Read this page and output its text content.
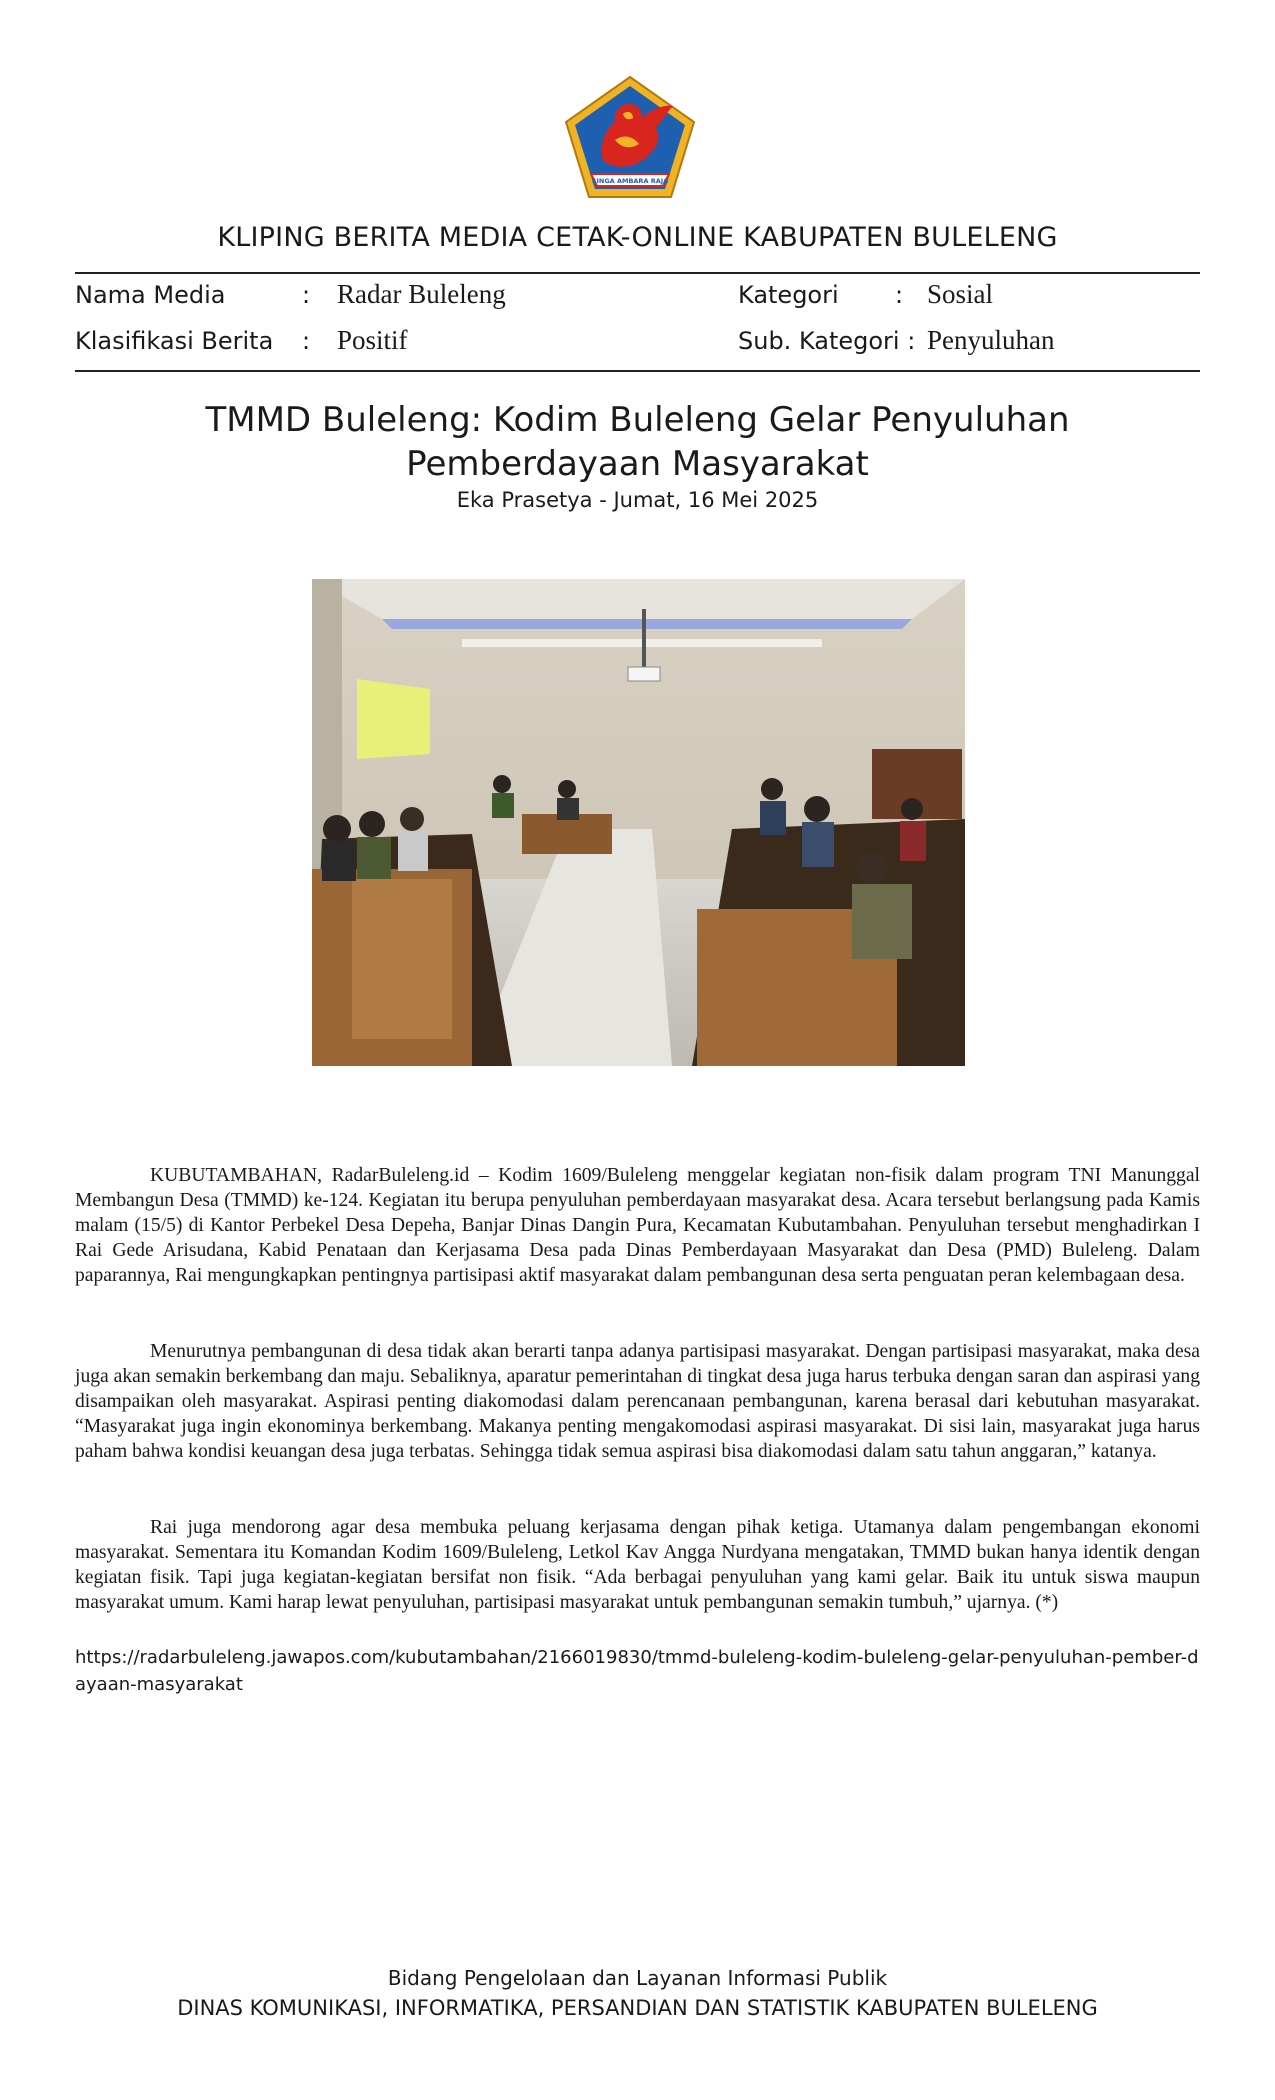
SINGA AMBARA RAJA
KLIPING BERITA MEDIA CETAK-ONLINE KABUPATEN BULELENG
Nama Media	: Radar Buleleng	Kategori : Sosial
Klasifikasi Berita : Positif	Sub. Kategori : Penyuluhan
TMMD Buleleng: Kodim Buleleng Gelar Penyuluhan
Pemberdayaan Masyarakat
Eka Prasetya - Jumat, 16 Mei 2025

KUBUTAMBAHAN, RadarBuleleng.id – Kodim 1609/Buleleng menggelar kegiatan non-fisik dalam program TNI Manunggal Membangun Desa (TMMD) ke-124. Kegiatan itu berupa penyuluhan pemberdayaan masyarakat desa. Acara tersebut berlangsung pada Kamis malam (15/5) di Kantor Perbekel Desa Depeha, Banjar Dinas Dangin Pura, Kecamatan Kubutambahan. Penyuluhan tersebut menghadirkan I Rai Gede Arisudana, Kabid Penataan dan Kerjasama Desa pada Dinas Pemberdayaan Masyarakat dan Desa (PMD) Buleleng. Dalam paparannya, Rai mengungkapkan pentingnya partisipasi aktif masyarakat dalam pembangunan desa serta penguatan peran kelembagaan desa.

Menurutnya pembangunan di desa tidak akan berarti tanpa adanya partisipasi masyarakat. Dengan partisipasi masyarakat, maka desa juga akan semakin berkembang dan maju. Sebaliknya, aparatur pemerintahan di tingkat desa juga harus terbuka dengan saran dan aspirasi yang disampaikan oleh masyarakat. Aspirasi penting diakomodasi dalam perencanaan pembangunan, karena berasal dari kebutuhan masyarakat. “Masyarakat juga ingin ekonominya berkembang. Makanya penting mengakomodasi aspirasi masyarakat. Di sisi lain, masyarakat juga harus paham bahwa kondisi keuangan desa juga terbatas. Sehingga tidak semua aspirasi bisa diakomodasi dalam satu tahun anggaran,” katanya.

Rai juga mendorong agar desa membuka peluang kerjasama dengan pihak ketiga. Utamanya dalam pengembangan ekonomi masyarakat. Sementara itu Komandan Kodim 1609/Buleleng, Letkol Kav Angga Nurdyana mengatakan, TMMD bukan hanya identik dengan kegiatan fisik. Tapi juga kegiatan-kegiatan bersifat non fisik. “Ada berbagai penyuluhan yang kami gelar. Baik itu untuk siswa maupun masyarakat umum. Kami harap lewat penyuluhan, partisipasi masyarakat untuk pembangunan semakin tumbuh,” ujarnya. (*)

https://radarbuleleng.jawapos.com/kubutambahan/2166019830/tmmd-buleleng-kodim-buleleng-gelar-penyuluhan-pember-dayaan-masyarakat

Bidang Pengelolaan dan Layanan Informasi Publik
DINAS KOMUNIKASI, INFORMATIKA, PERSANDIAN DAN STATISTIK KABUPATEN BULELENG
